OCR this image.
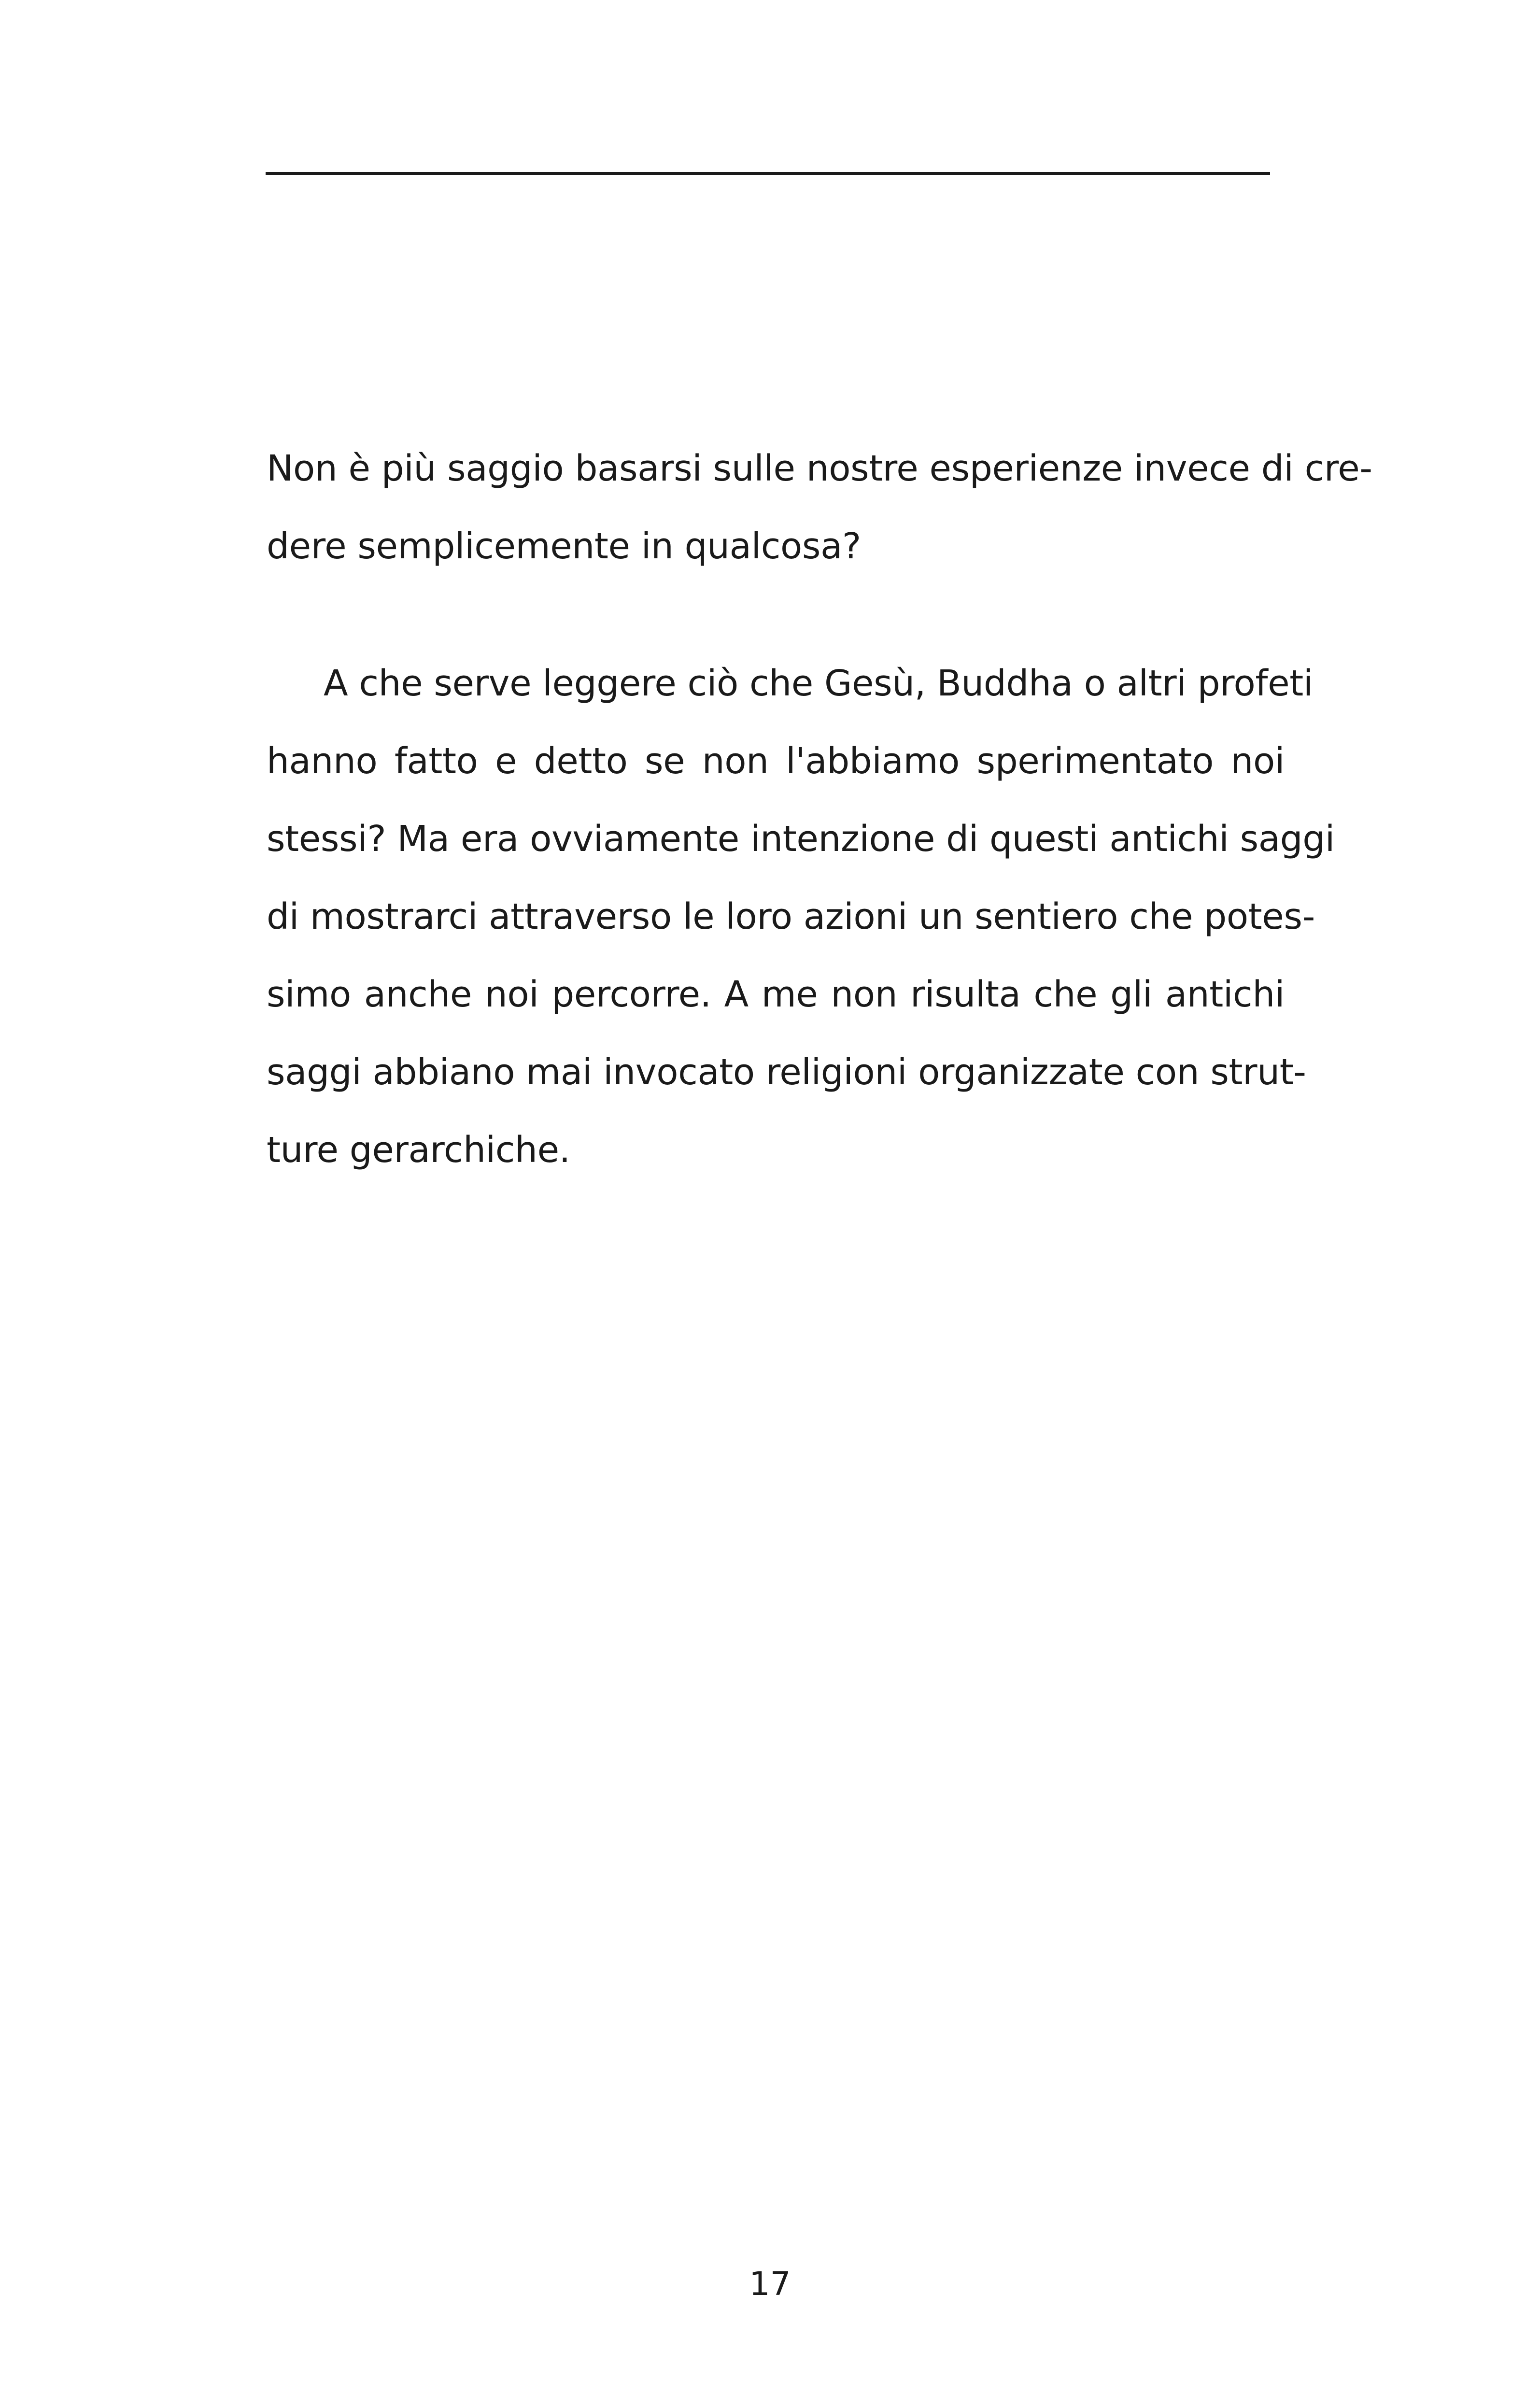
Non è più saggio basarsi sulle nostre esperienze invece di cre-
dere semplicemente in qualcosa?
A che serve leggere ciò che Gesù, Buddha o altri profeti
hanno fatto e detto se non l'abbiamo sperimentato noi
stessi? Ma era ovviamente intenzione di questi antichi saggi
di mostrarci attraverso le loro azioni un sentiero che potes-
simo anche noi percorre. A me non risulta che gli antichi
saggi abbiano mai invocato religioni organizzate con strut-
ture gerarchiche.
17
